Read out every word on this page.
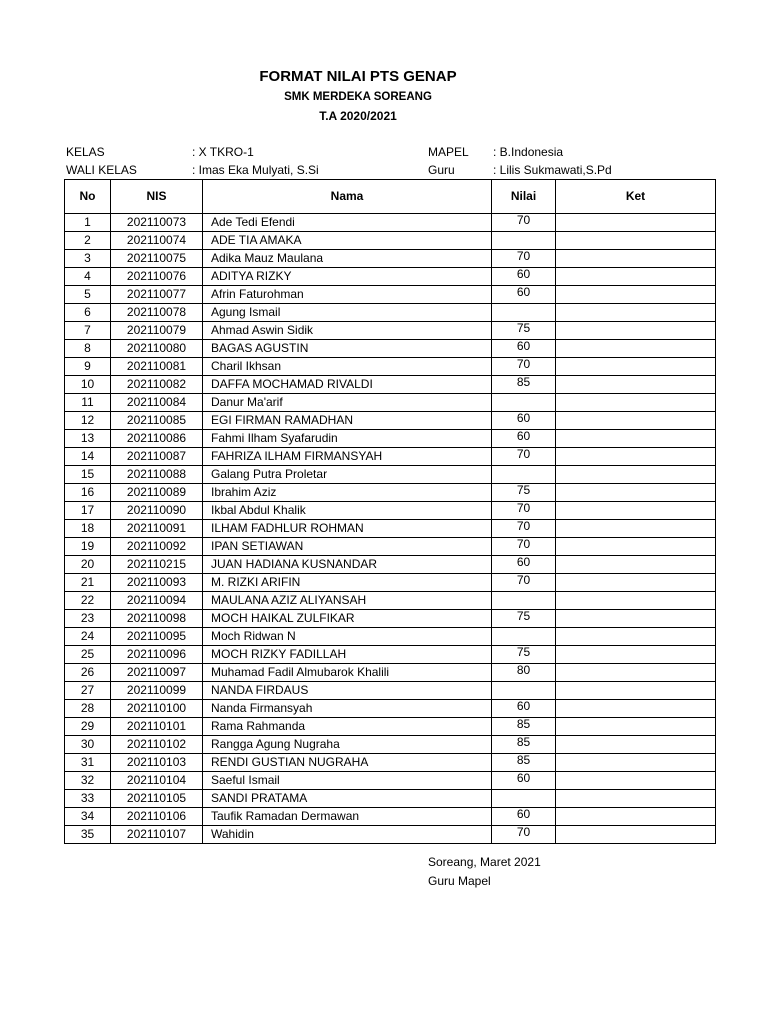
FORMAT NILAI PTS GENAP
SMK MERDEKA SOREANG
T.A 2020/2021
KELAS	: X TKRO-1
WALI KELAS	: Imas Eka Mulyati, S.Si
MAPEL : B.Indonesia
Guru	: Lilis Sukmawati,S.Pd
No	NIS	Nama	Nilai	Ket
1	202110073	Ade Tedi Efendi	70	
2	202110074	ADE TIA AMAKA		
3	202110075	Adika Mauz Maulana	70	
4	202110076	ADITYA RIZKY	60	
5	202110077	Afrin Faturohman	60	
6	202110078	Agung Ismail		
7	202110079	Ahmad Aswin Sidik	75	
8	202110080	BAGAS AGUSTIN	60	
9	202110081	Charil Ikhsan	70	
10	202110082	DAFFA MOCHAMAD RIVALDI	85	
11	202110084	Danur Ma'arif		
12	202110085	EGI FIRMAN RAMADHAN	60	
13	202110086	Fahmi Ilham Syafarudin	60	
14	202110087	FAHRIZA ILHAM FIRMANSYAH	70	
15	202110088	Galang Putra Proletar		
16	202110089	Ibrahim Aziz	75	
17	202110090	Ikbal Abdul Khalik	70	
18	202110091	ILHAM FADHLUR ROHMAN	70	
19	202110092	IPAN SETIAWAN	70	
20	202110215	JUAN HADIANA KUSNANDAR	60	
21	202110093	M. RIZKI ARIFIN	70	
22	202110094	MAULANA AZIZ ALIYANSAH		
23	202110098	MOCH HAIKAL ZULFIKAR	75	
24	202110095	Moch Ridwan N		
25	202110096	MOCH RIZKY FADILLAH	75	
26	202110097	Muhamad Fadil Almubarok Khalili	80	
27	202110099	NANDA FIRDAUS		
28	202110100	Nanda Firmansyah	60	
29	202110101	Rama Rahmanda	85	
30	202110102	Rangga Agung Nugraha	85	
31	202110103	RENDI GUSTIAN NUGRAHA	85	
32	202110104	Saeful Ismail	60	
33	202110105	SANDI PRATAMA		
34	202110106	Taufik Ramadan Dermawan	60	
35	202110107	Wahidin	70	
Soreang, Maret 2021
Guru Mapel
